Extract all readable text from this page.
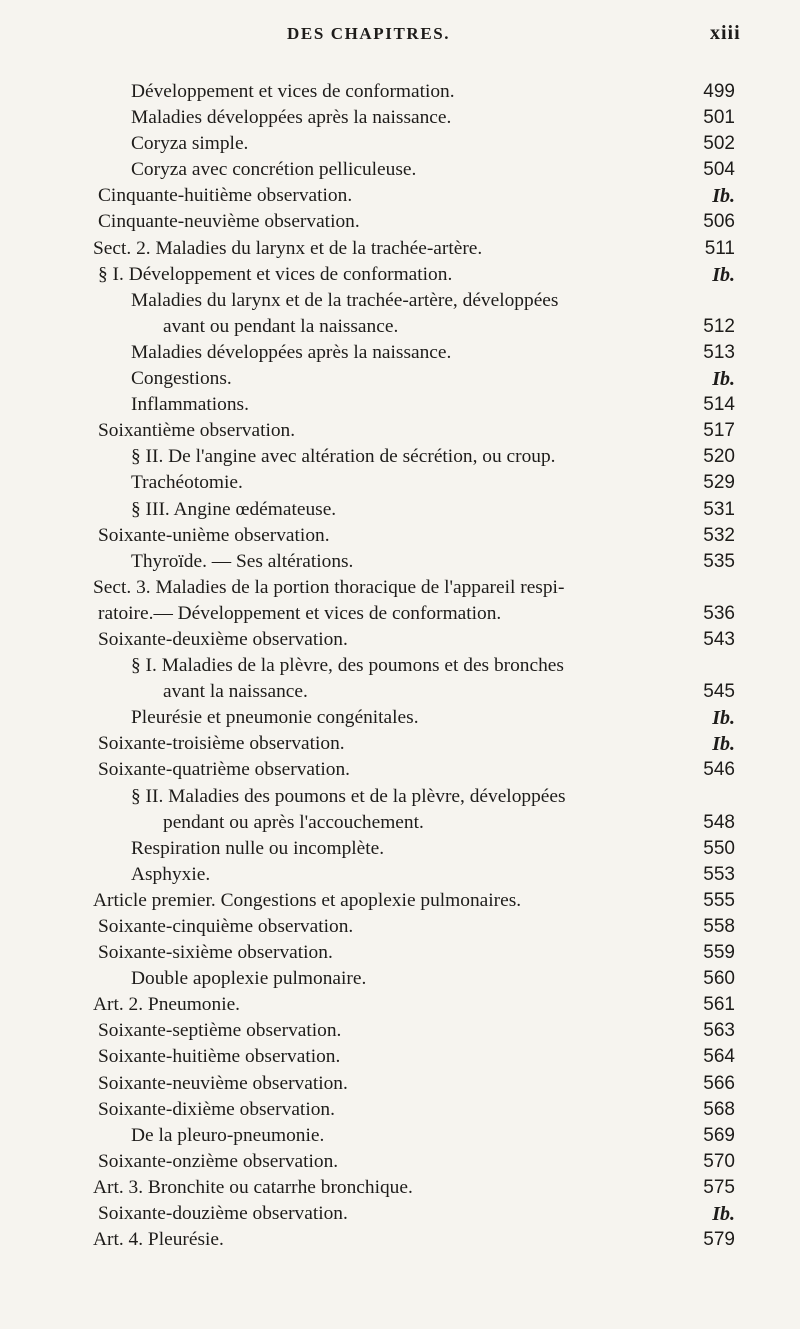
DES CHAPITRES.	xiii
Développement et vices de conformation.	499
Maladies développées après la naissance.	501
Coryza simple.	502
Coryza avec concrétion pelliculeuse.	504
Cinquante-huitième observation.	Ib.
Cinquante-neuvième observation.	506
Sect. 2. Maladies du larynx et de la trachée-artère.	511
§ I. Développement et vices de conformation.	Ib.
Maladies du larynx et de la trachée-artère, développées
avant ou pendant la naissance.	512
Maladies développées après la naissance.	513
Congestions.	Ib.
Inflammations.	514
Soixantième observation.	517
§ II. De l'angine avec altération de sécrétion, ou croup.	520
Trachéotomie.	529
§ III. Angine œdémateuse.	531
Soixante-unième observation.	532
Thyroïde. — Ses altérations.	535
Sect. 3. Maladies de la portion thoracique de l'appareil respi-
ratoire.— Développement et vices de conformation.	536
Soixante-deuxième observation.	543
§ I. Maladies de la plèvre, des poumons et des bronches
avant la naissance.	545
Pleurésie et pneumonie congénitales.	Ib.
Soixante-troisième observation.	Ib.
Soixante-quatrième observation.	546
§ II. Maladies des poumons et de la plèvre, développées
pendant ou après l'accouchement.	548
Respiration nulle ou incomplète.	550
Asphyxie.	553
Article premier. Congestions et apoplexie pulmonaires.	555
Soixante-cinquième observation.	558
Soixante-sixième observation.	559
Double apoplexie pulmonaire.	560
Art. 2. Pneumonie.	561
Soixante-septième observation.	563
Soixante-huitième observation.	564
Soixante-neuvième observation.	566
Soixante-dixième observation.	568
De la pleuro-pneumonie.	569
Soixante-onzième observation.	570
Art. 3. Bronchite ou catarrhe bronchique.	575
Soixante-douzième observation.	Ib.
Art. 4. Pleurésie.	579
